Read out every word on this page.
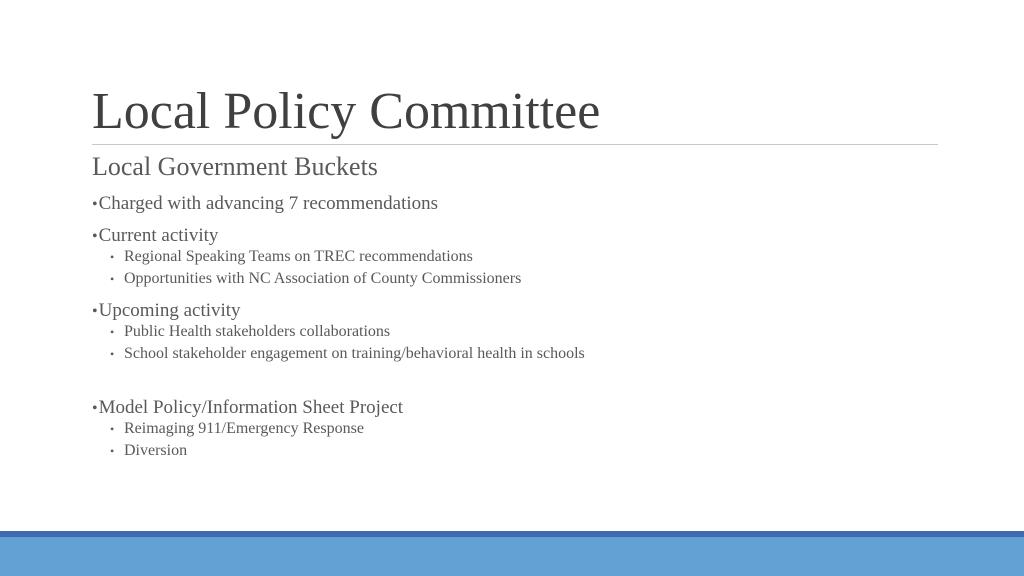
Local Policy Committee
Local Government Buckets
•Charged with advancing 7 recommendations
•Current activity
• Regional Speaking Teams on TREC recommendations
• Opportunities with NC Association of County Commissioners
•Upcoming activity
• Public Health stakeholders collaborations
• School stakeholder engagement on training/behavioral health in schools
•Model Policy/Information Sheet Project
• Reimaging 911/Emergency Response
• Diversion
